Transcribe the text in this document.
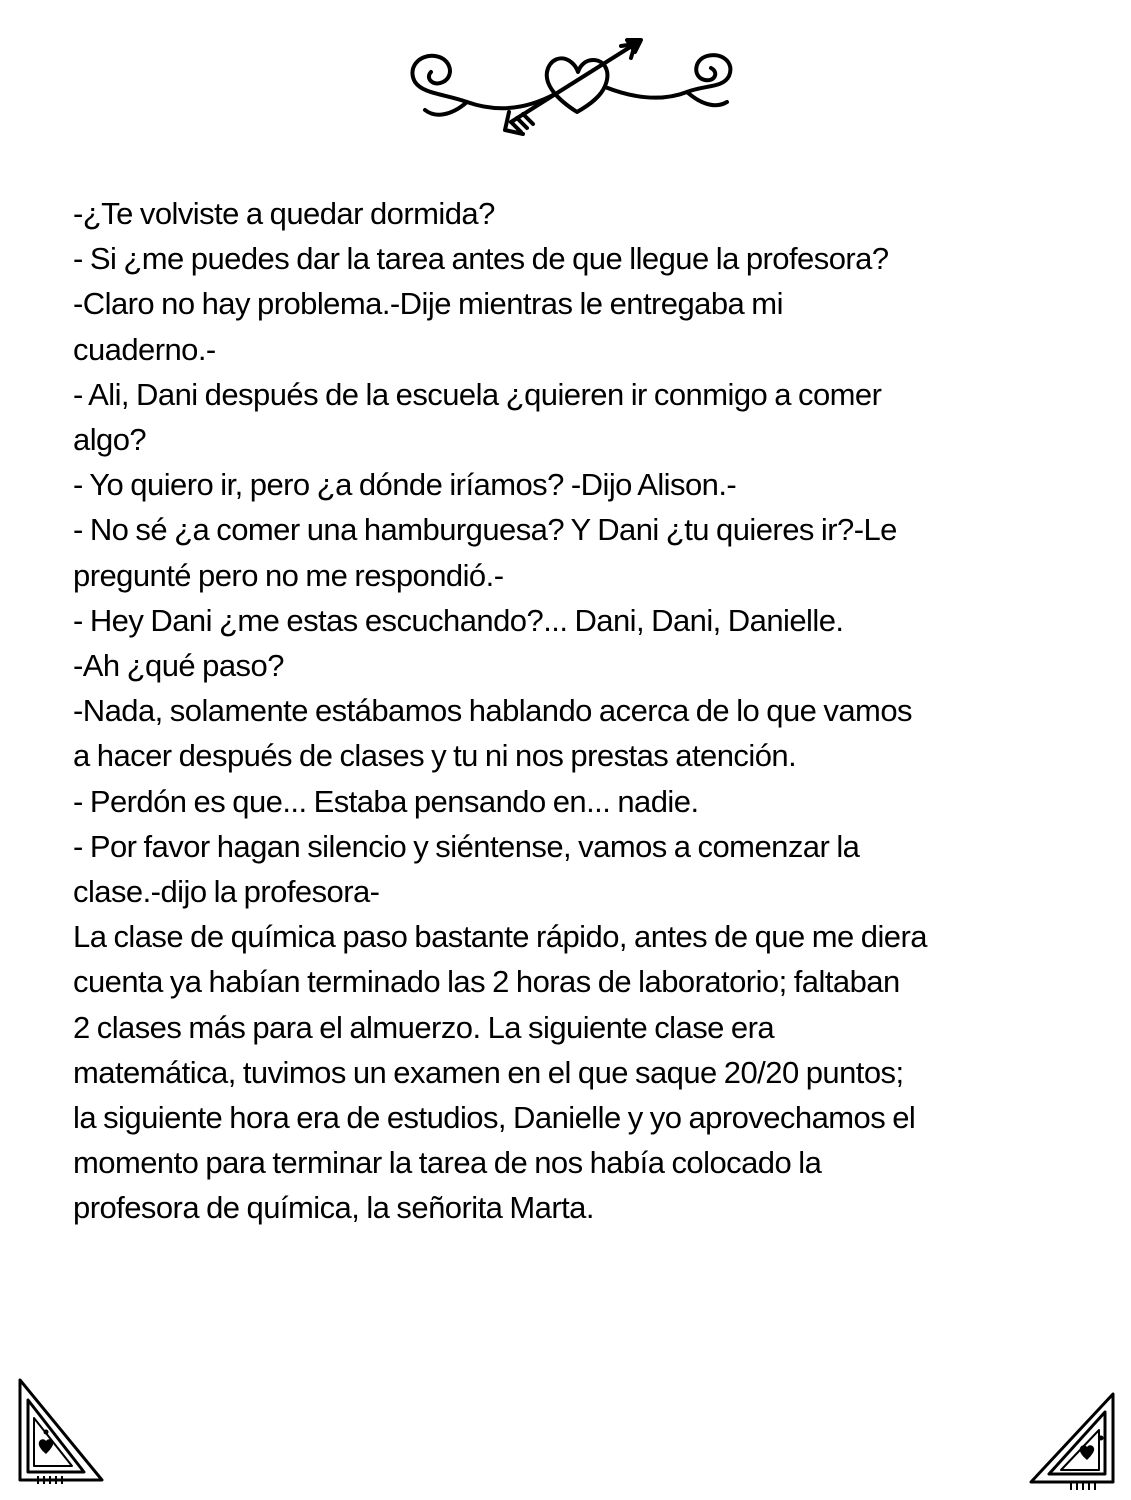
-¿Te volviste a quedar dormida?

- Si ¿me puedes dar la tarea antes de que llegue la profesora?

-Claro no hay problema.-Dije mientras le entregaba mi

cuaderno.-

- Ali, Dani después de la escuela ¿quieren ir conmigo a comer

algo?

- Yo quiero ir, pero ¿a dónde iríamos? -Dijo Alison.-

- No sé ¿a comer una hamburguesa? Y Dani ¿tu quieres ir?-Le

pregunté pero no me respondió.-

- Hey Dani ¿me estas escuchando?... Dani, Dani, Danielle.

-Ah ¿qué paso?

-Nada, solamente estábamos hablando acerca de lo que vamos

a hacer después de clases y tu ni nos prestas atención.

- Perdón es que... Estaba pensando en... nadie.

- Por favor hagan silencio y siéntense, vamos a comenzar la

clase.-dijo la profesora-

La clase de química paso bastante rápido, antes de que me diera

cuenta ya habían terminado las 2 horas de laboratorio; faltaban

2 clases más para el almuerzo. La siguiente clase era

matemática, tuvimos un examen en el que saque 20/20 puntos;

la siguiente hora era de estudios, Danielle y yo aprovechamos el

momento para terminar la tarea de nos había colocado la

profesora de química, la señorita Marta.
